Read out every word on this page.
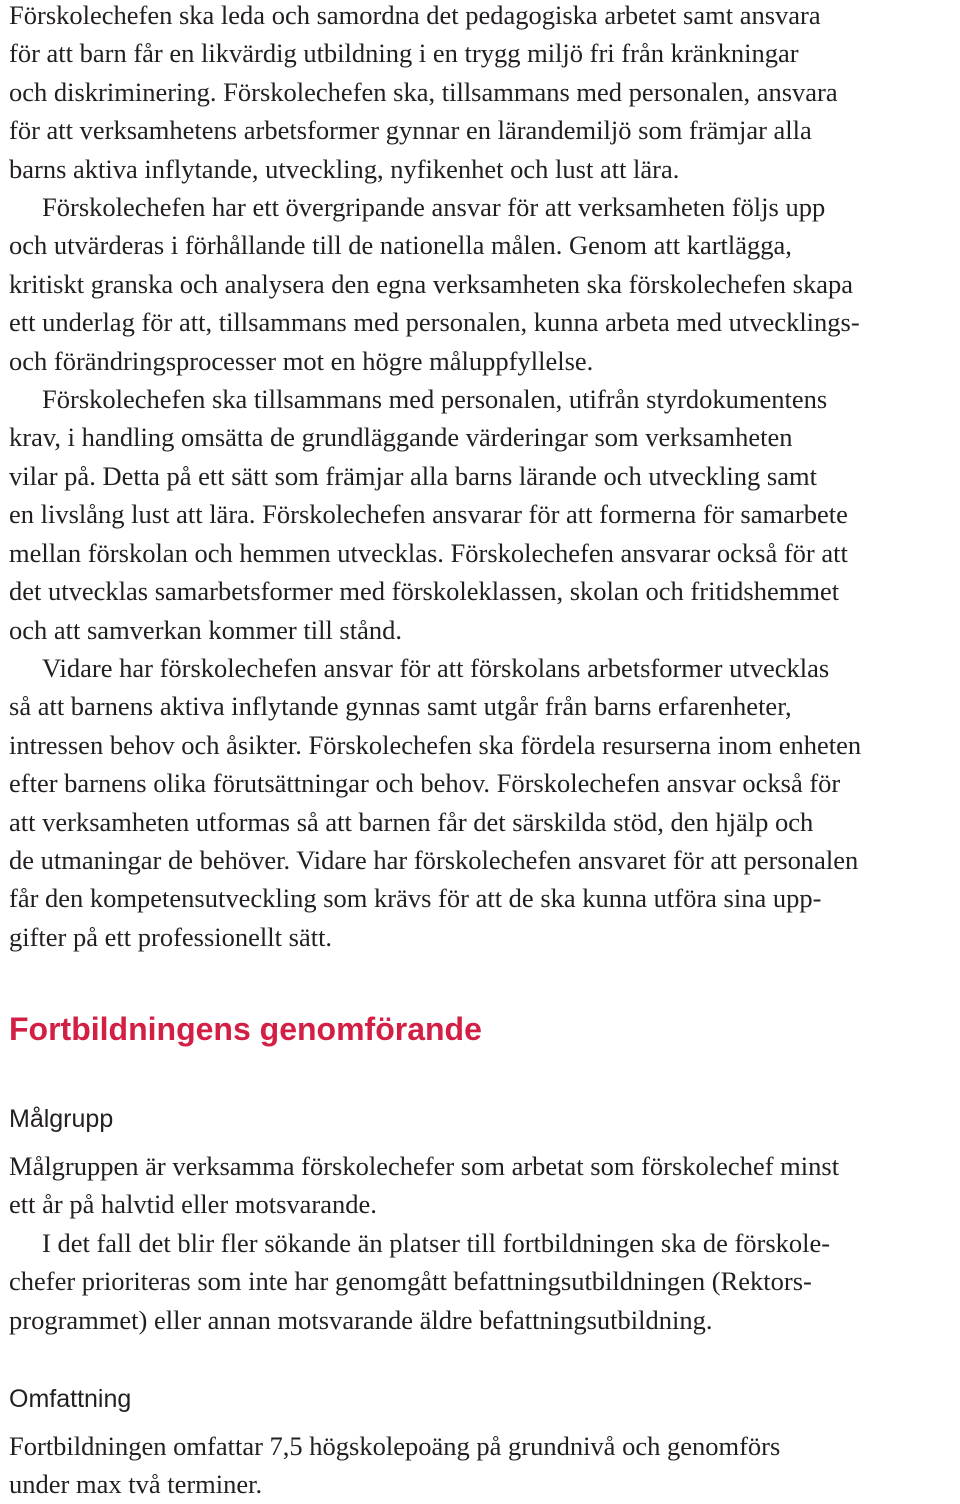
Förskolechefen ska leda och samordna det pedagogiska arbetet samt ansvara
för att barn får en likvärdig utbildning i en trygg miljö fri från kränkningar
och diskriminering. Förskolechefen ska, tillsammans med personalen, ansvara
för att verksamhetens arbetsformer gynnar en lärandemiljö som främjar alla
barns aktiva inflytande, utveckling, nyfikenhet och lust att lära.

Förskolechefen har ett övergripande ansvar för att verksamheten följs upp
och utvärderas i förhållande till de nationella målen. Genom att kartlägga,
kritiskt granska och analysera den egna verksamheten ska förskolechefen skapa
ett underlag för att, tillsammans med personalen, kunna arbeta med utvecklings-
och förändringsprocesser mot en högre måluppfyllelse.

Förskolechefen ska tillsammans med personalen, utifrån styrdokumentens
krav, i handling omsätta de grundläggande värderingar som verksamheten
vilar på. Detta på ett sätt som främjar alla barns lärande och utveckling samt
en livslång lust att lära. Förskolechefen ansvarar för att formerna för samarbete
mellan förskolan och hemmen utvecklas. Förskolechefen ansvarar också för att
det utvecklas samarbetsformer med förskoleklassen, skolan och fritidshemmet
och att samverkan kommer till stånd.

Vidare har förskolechefen ansvar för att förskolans arbetsformer utvecklas
så att barnens aktiva inflytande gynnas samt utgår från barns erfarenheter,
intressen behov och åsikter. Förskolechefen ska fördela resurserna inom enheten
efter barnens olika förutsättningar och behov. Förskolechefen ansvar också för
att verksamheten utformas så att barnen får det särskilda stöd, den hjälp och
de utmaningar de behöver. Vidare har förskolechefen ansvaret för att personalen
får den kompetensutveckling som krävs för att de ska kunna utföra sina upp-
gifter på ett professionellt sätt.

Fortbildningens genomförande
Målgrupp

Målgruppen är verksamma förskolechefer som arbetat som förskolechef minst
ett år på halvtid eller motsvarande.

I det fall det blir fler sökande än platser till fortbildningen ska de förskole-
chefer prioriteras som inte har genomgått befattningsutbildningen (Rektors-
programmet) eller annan motsvarande äldre befattningsutbildning.

Omfattning

Fortbildningen omfattar 7,5 högskolepoäng på grundnivå och genomförs
under max två terminer.
